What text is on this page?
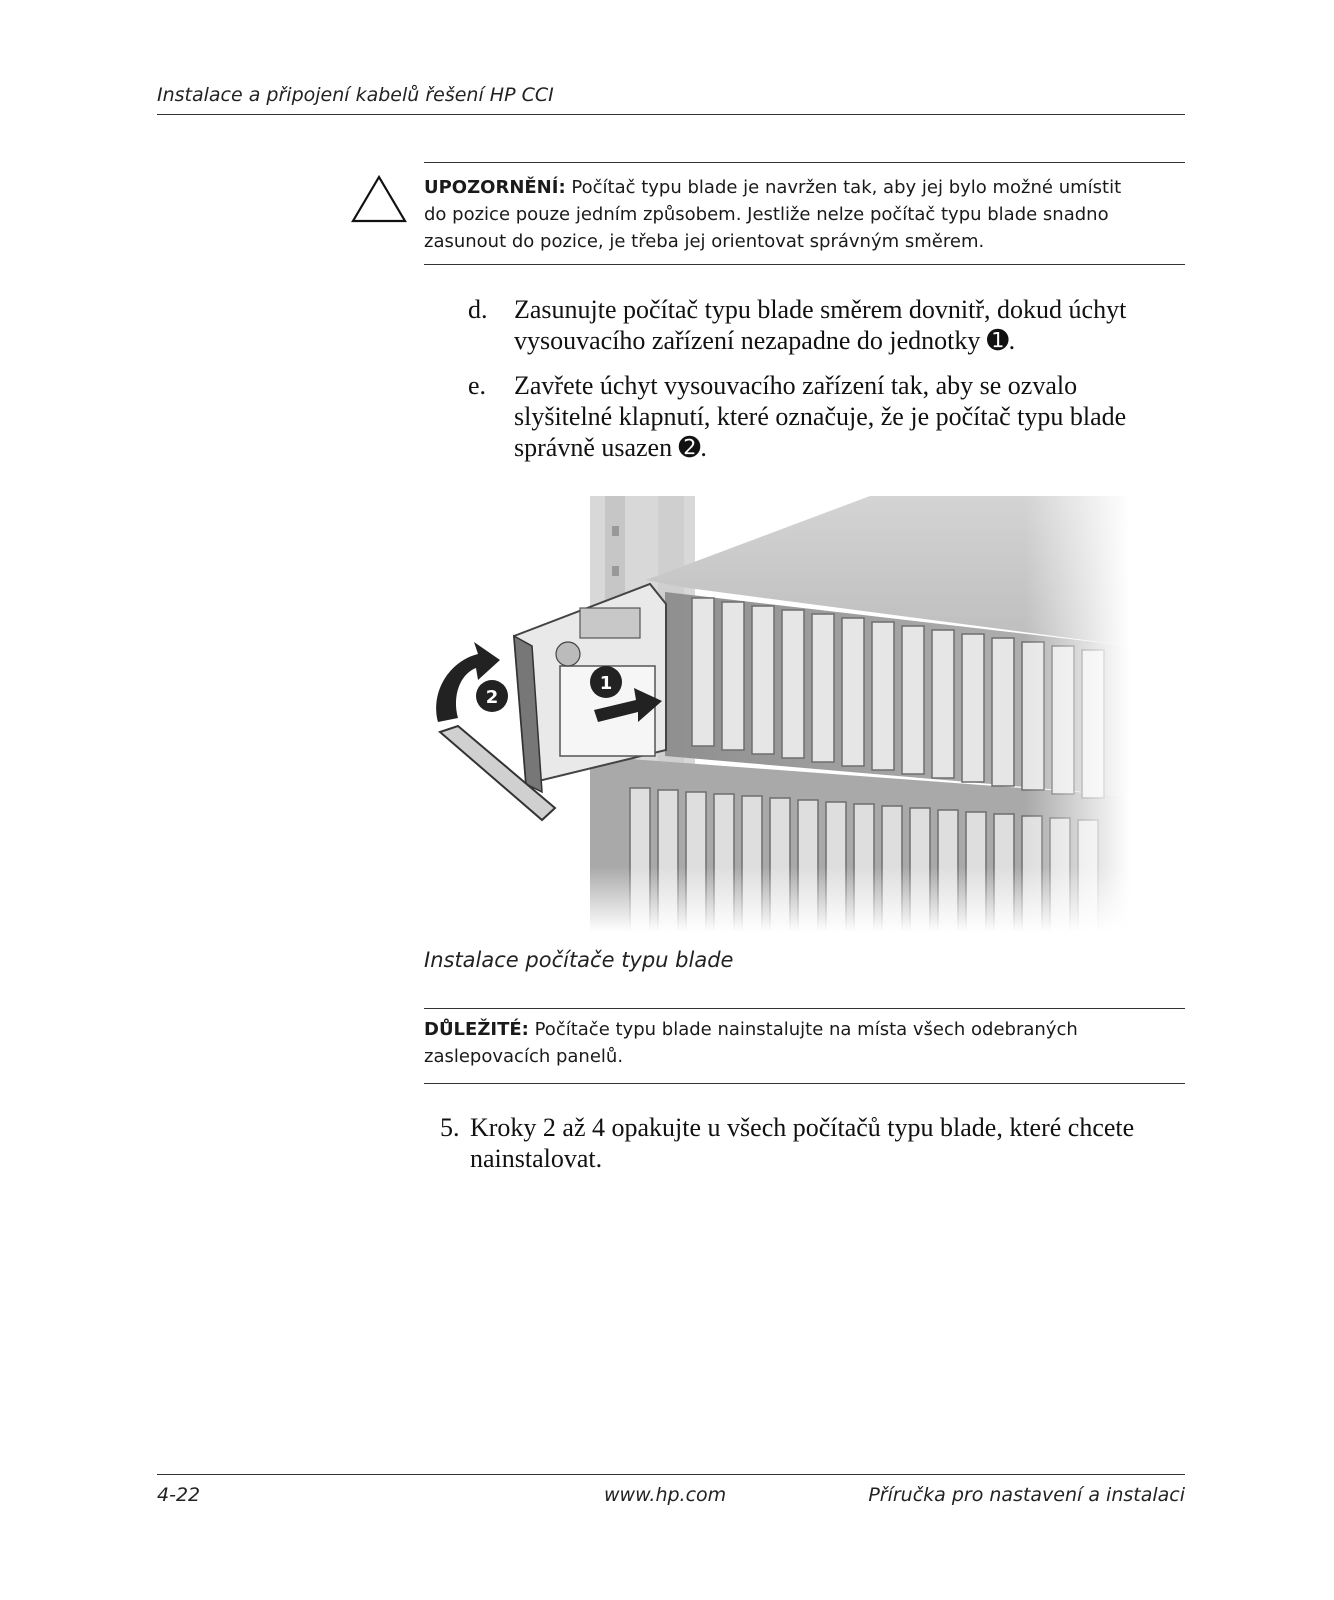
Instalace a připojení kabelů řešení HP CCI
UPOZORNĚNÍ: Počítač typu blade je navržen tak, aby jej bylo možné umístit
do pozice pouze jedním způsobem. Jestliže nelze počítač typu blade snadno
zasunout do pozice, je třeba jej orientovat správným směrem.
d. Zasunujte počítač typu blade směrem dovnitř, dokud úchyt
vysouvacího zařízení nezapadne do jednotky ➊.
e. Zavřete úchyt vysouvacího zařízení tak, aby se ozvalo
slyšitelné klapnutí, které označuje, že je počítač typu blade
správně usazen ➋.
Instalace počítače typu blade
DŮLEŽITÉ: Počítače typu blade nainstalujte na místa všech odebraných
zaslepovacích panelů.
5. Kroky 2 až 4 opakujte u všech počítačů typu blade, které chcete
nainstalovat.
4-22	www.hp.com	Příručka pro nastavení a instalaci
